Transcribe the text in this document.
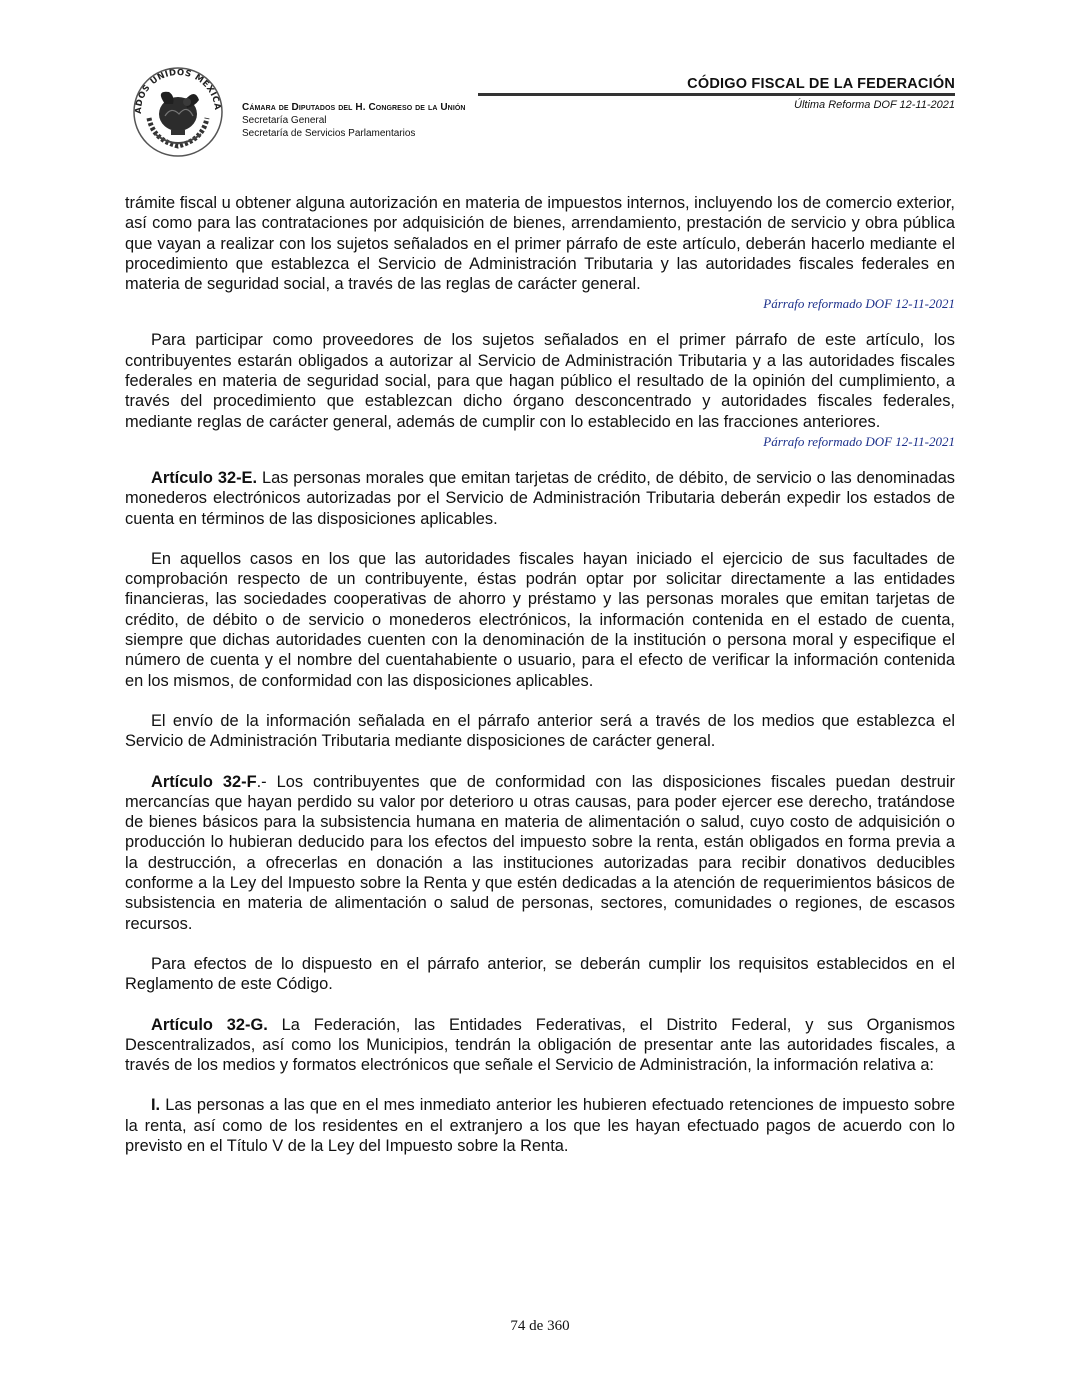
ADOS UNIDOS MEXICA Cámara de Diputados del H. Congreso de la Unión
Secretaría General
Secretaría de Servicios Parlamentarios
CÓDIGO FISCAL DE LA FEDERACIÓN
Última Reforma DOF 12-11-2021

trámite fiscal u obtener alguna autorización en materia de impuestos internos, incluyendo los de comercio exterior, así como para las contrataciones por adquisición de bienes, arrendamiento, prestación de servicio y obra pública que vayan a realizar con los sujetos señalados en el primer párrafo de este artículo, deberán hacerlo mediante el procedimiento que establezca el Servicio de Administración Tributaria y las autoridades fiscales federales en materia de seguridad social, a través de las reglas de carácter general.

Párrafo reformado DOF 12-11-2021

Para participar como proveedores de los sujetos señalados en el primer párrafo de este artículo, los contribuyentes estarán obligados a autorizar al Servicio de Administración Tributaria y a las autoridades fiscales federales en materia de seguridad social, para que hagan público el resultado de la opinión del cumplimiento, a través del procedimiento que establezcan dicho órgano desconcentrado y autoridades fiscales federales, mediante reglas de carácter general, además de cumplir con lo establecido en las fracciones anteriores.

Párrafo reformado DOF 12-11-2021

Artículo 32-E. Las personas morales que emitan tarjetas de crédito, de débito, de servicio o las denominadas monederos electrónicos autorizadas por el Servicio de Administración Tributaria deberán expedir los estados de cuenta en términos de las disposiciones aplicables.

En aquellos casos en los que las autoridades fiscales hayan iniciado el ejercicio de sus facultades de comprobación respecto de un contribuyente, éstas podrán optar por solicitar directamente a las entidades financieras, las sociedades cooperativas de ahorro y préstamo y las personas morales que emitan tarjetas de crédito, de débito o de servicio o monederos electrónicos, la información contenida en el estado de cuenta, siempre que dichas autoridades cuenten con la denominación de la institución o persona moral y especifique el número de cuenta y el nombre del cuentahabiente o usuario, para el efecto de verificar la información contenida en los mismos, de conformidad con las disposiciones aplicables.

El envío de la información señalada en el párrafo anterior será a través de los medios que establezca el Servicio de Administración Tributaria mediante disposiciones de carácter general.

Artículo 32-F.- Los contribuyentes que de conformidad con las disposiciones fiscales puedan destruir mercancías que hayan perdido su valor por deterioro u otras causas, para poder ejercer ese derecho, tratándose de bienes básicos para la subsistencia humana en materia de alimentación o salud, cuyo costo de adquisición o producción lo hubieran deducido para los efectos del impuesto sobre la renta, están obligados en forma previa a la destrucción, a ofrecerlas en donación a las instituciones autorizadas para recibir donativos deducibles conforme a la Ley del Impuesto sobre la Renta y que estén dedicadas a la atención de requerimientos básicos de subsistencia en materia de alimentación o salud de personas, sectores, comunidades o regiones, de escasos recursos.

Para efectos de lo dispuesto en el párrafo anterior, se deberán cumplir los requisitos establecidos en el Reglamento de este Código.

Artículo 32-G. La Federación, las Entidades Federativas, el Distrito Federal, y sus Organismos Descentralizados, así como los Municipios, tendrán la obligación de presentar ante las autoridades fiscales, a través de los medios y formatos electrónicos que señale el Servicio de Administración, la información relativa a:

I. Las personas a las que en el mes inmediato anterior les hubieren efectuado retenciones de impuesto sobre la renta, así como de los residentes en el extranjero a los que les hayan efectuado pagos de acuerdo con lo previsto en el Título V de la Ley del Impuesto sobre la Renta.

74 de 360
